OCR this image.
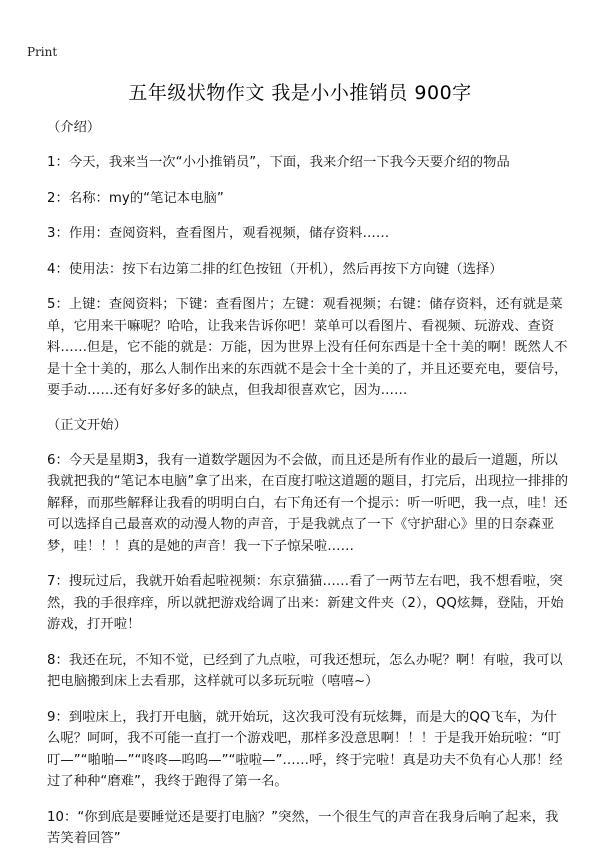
Print
五年级状物作文 我是小小推销员 900字
（介绍）

1：今天，我来当一次“小小推销员”，下面，我来介绍一下我今天要介绍的物品

2：名称：my的“笔记本电脑”

3：作用：查阅资料，查看图片，观看视频，储存资料……

4：使用法：按下右边第二排的红色按钮（开机），然后再按下方向键（选择）

5：上键：查阅资料；下键：查看图片；左键：观看视频；右键：储存资料，还有就是菜单，它用来干嘛呢？哈哈，让我来告诉你吧！菜单可以看图片、看视频、玩游戏、查资料……但是，它不能的就是：万能，因为世界上没有任何东西是十全十美的啊！既然人不是十全十美的，那么人制作出来的东西就不是会十全十美的了，并且还要充电，要信号，要手动……还有好多好多的缺点，但我却很喜欢它，因为……

（正文开始）

6：今天是星期3，我有一道数学题因为不会做，而且还是所有作业的最后一道题，所以我就把我的“笔记本电脑”拿了出来，在百度打啦这道题的题目，打完后，出现拉一排排的解释，而那些解释让我看的明明白白，右下角还有一个提示：听一听吧，我一点，哇！还可以选择自己最喜欢的动漫人物的声音，于是我就点了一下《守护甜心》里的日奈森亚梦，哇！！！真的是她的声音！我一下子惊呆啦……

7：搜玩过后，我就开始看起啦视频：东京猫猫……看了一两节左右吧，我不想看啦，突然，我的手很痒痒，所以就把游戏给调了出来：新建文件夹（2），QQ炫舞，登陆，开始游戏，打开啦！

8：我还在玩，不知不觉，已经到了九点啦，可我还想玩，怎么办呢？啊！有啦，我可以把电脑搬到床上去看那，这样就可以多玩玩啦（嘻嘻~）

9：到啦床上，我打开电脑，就开始玩，这次我可没有玩炫舞，而是大的QQ飞车，为什么呢？呵呵，我不可能一直打一个游戏吧，那样多没意思啊！！！于是我开始玩啦：“叮叮—”“啪啪—”“咚咚—呜呜—”“啦啦—”……呼，终于完啦！真是功夫不负有心人那！经过了种种“磨难”，我终于跑得了第一名。

10：“你到底是要睡觉还是要打电脑？”突然，一个很生气的声音在我身后响了起来，我苦笑着回答”
